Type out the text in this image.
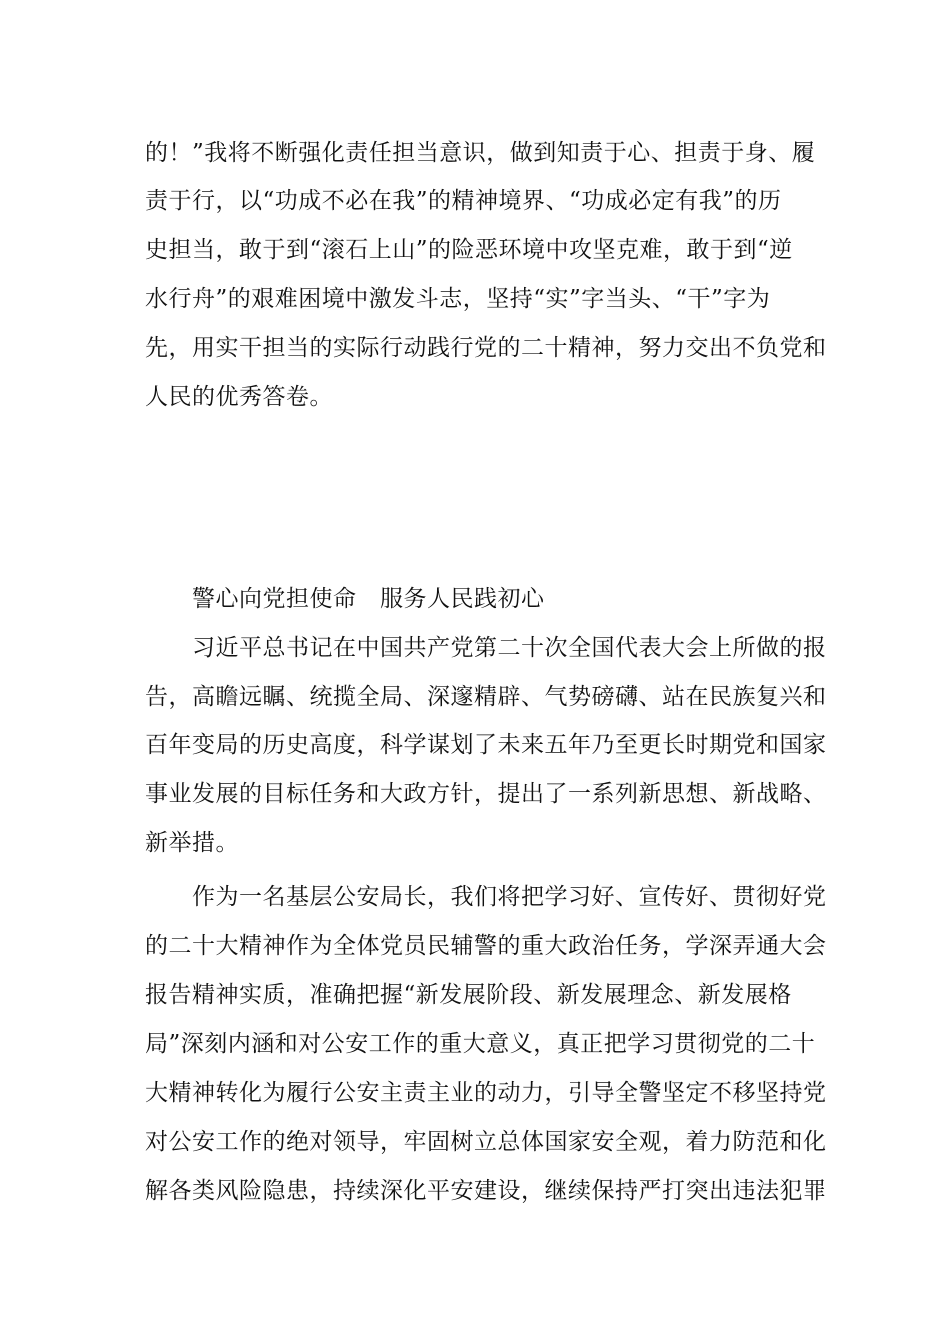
的！”我将不断强化责任担当意识，做到知责于心、担责于身、履
责于行，以“功成不必在我”的精神境界、“功成必定有我”的历
史担当，敢于到“滚石上山”的险恶环境中攻坚克难，敢于到“逆
水行舟”的艰难困境中激发斗志，坚持“实”字当头、“干”字为
先，用实干担当的实际行动践行党的二十精神，努力交出不负党和
人民的优秀答卷。
警心向党担使命　服务人民践初心
习近平总书记在中国共产党第二十次全国代表大会上所做的报
告，高瞻远瞩、统揽全局、深邃精辟、气势磅礴、站在民族复兴和
百年变局的历史高度，科学谋划了未来五年乃至更长时期党和国家
事业发展的目标任务和大政方针，提出了一系列新思想、新战略、
新举措。
作为一名基层公安局长，我们将把学习好、宣传好、贯彻好党
的二十大精神作为全体党员民辅警的重大政治任务，学深弄通大会
报告精神实质，准确把握“新发展阶段、新发展理念、新发展格
局”深刻内涵和对公安工作的重大意义，真正把学习贯彻党的二十
大精神转化为履行公安主责主业的动力，引导全警坚定不移坚持党
对公安工作的绝对领导，牢固树立总体国家安全观，着力防范和化
解各类风险隐患，持续深化平安建设，继续保持严打突出违法犯罪
